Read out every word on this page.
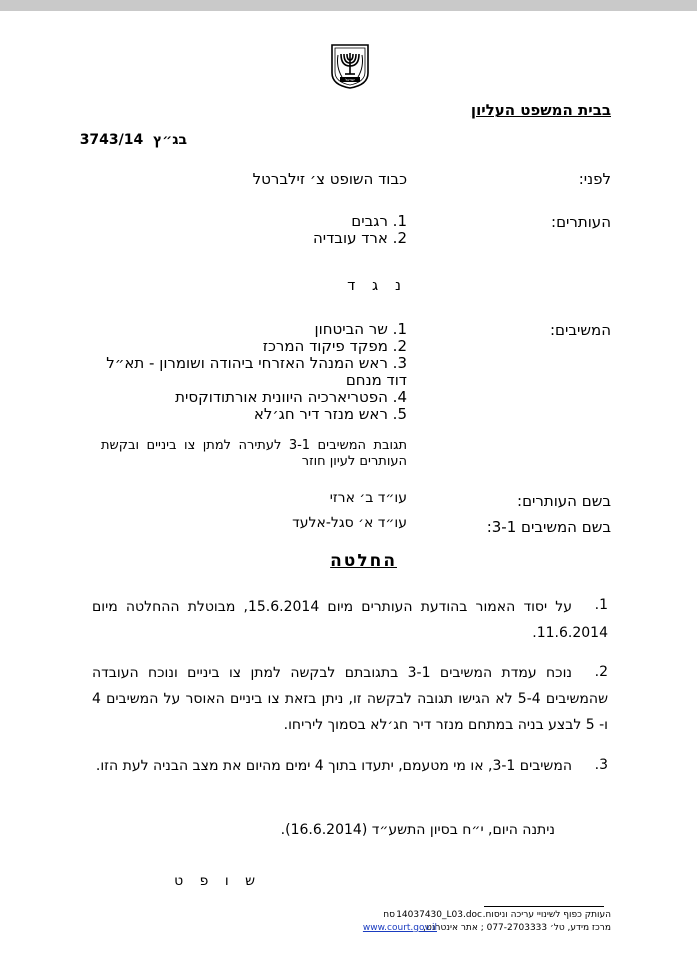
ישראל
בבית המשפט העליון
בג״ץ  3743/14
לפני:
כבוד השופט צ׳ זילברטל
העותרים:
1. רגבים
2. ארד עובדיה
נ ג ד
המשיבים:
1. שר הביטחון
2. מפקד פיקוד המרכז
3. ראש המנהל האזרחי ביהודה ושומרון - תא״ל
דוד מנחם
4. הפטריארכיה היוונית אורתודוקסית
5. ראש מנזר דיר חג׳לא
תגובת המשיבים 3-1 לעתירה למתן צו ביניים ובקשת העותרים לעיון חוזר
בשם העותרים:
עו״ד ב׳ ארזי
בשם המשיבים 3-1:
עו״ד א׳ סגל-אלעד
החלטה
1.
על יסוד האמור בהודעת העותרים מיום 15.6.2014, מבוטלת ההחלטה מיום 11.6.2014.
2.
נוכח עמדת המשיבים 3-1 בתגובתם לבקשה למתן צו ביניים ונוכח העובדה שהמשיבים 5-4 לא הגישו תגובה לבקשה זו, ניתן בזאת צו ביניים האוסר על המשיבים 4 ו- 5 לבצע בניה במתחם מנזר דיר חג׳לא בסמוך ליריחו.
3.
המשיבים 3-1, או מי מטעמם, יתעדו בתוך 4 ימים מהיום את מצב הבניה לעת הזו.
ניתנה היום, י״ח בסיון התשע״ד (16.6.2014).
ש ו פ ט
העותק כפוף לשינויי עריכה וניסוח.
14037430_L03.doc
סח
מרכז מידע, טל׳ 077-2703333 ; אתר אינטרנט,
www.court.gov.il
